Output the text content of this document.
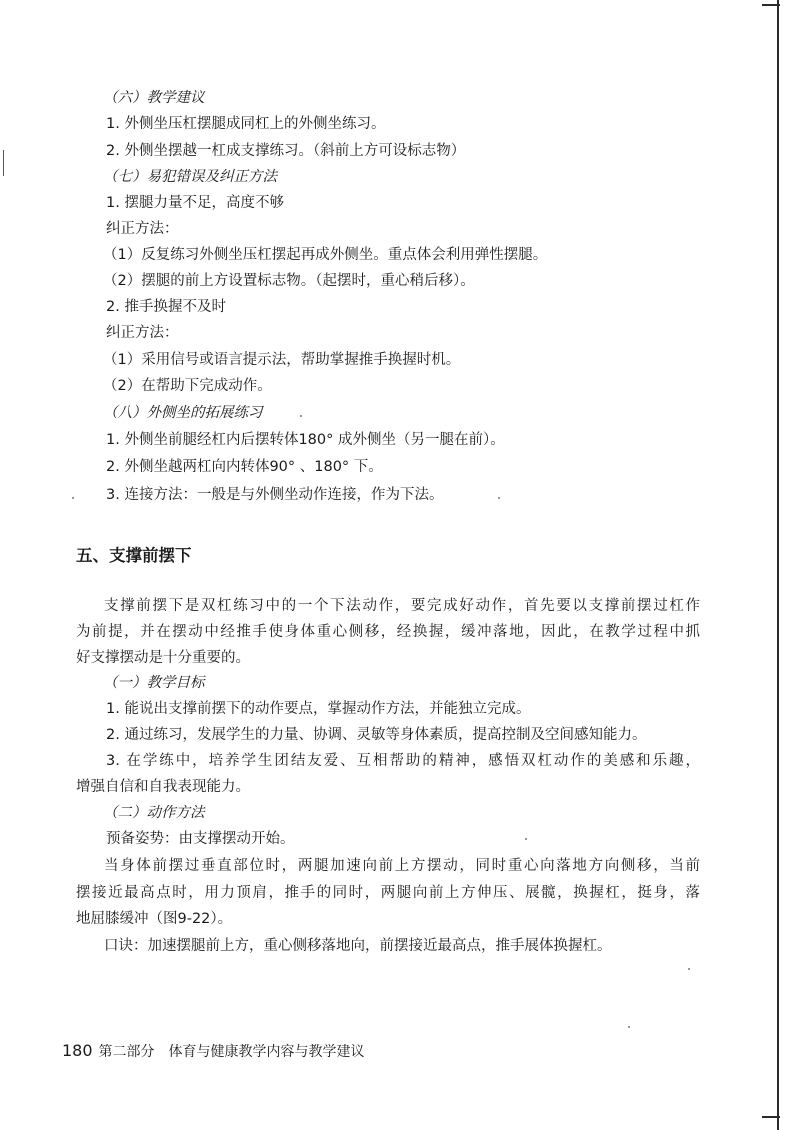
（六）教学建议
1. 外侧坐压杠摆腿成同杠上的外侧坐练习。
2. 外侧坐摆越一杠成支撑练习。（斜前上方可设标志物）
（七）易犯错误及纠正方法
1. 摆腿力量不足，高度不够
纠正方法：
（1）反复练习外侧坐压杠摆起再成外侧坐。重点体会利用弹性摆腿。
（2）摆腿的前上方设置标志物。（起摆时，重心稍后移）。
2. 推手换握不及时
纠正方法：
（1）采用信号或语言提示法，帮助掌握推手换握时机。
（2）在帮助下完成动作。
（八）外侧坐的拓展练习
1. 外侧坐前腿经杠内后摆转体180° 成外侧坐（另一腿在前）。
2. 外侧坐越两杠向内转体90° 、180° 下。
3. 连接方法：一般是与外侧坐动作连接，作为下法。
五、支撑前摆下
支撑前摆下是双杠练习中的一个下法动作，要完成好动作，首先要以支撑前摆过杠作
为前提，并在摆动中经推手使身体重心侧移，经换握，缓冲落地，因此，在教学过程中抓
好支撑摆动是十分重要的。
（一）教学目标
1. 能说出支撑前摆下的动作要点，掌握动作方法，并能独立完成。
2. 通过练习，发展学生的力量、协调、灵敏等身体素质，提高控制及空间感知能力。
3. 在学练中，培养学生团结友爱、互相帮助的精神，感悟双杠动作的美感和乐趣，
增强自信和自我表现能力。
（二）动作方法
预备姿势：由支撑摆动开始。
当身体前摆过垂直部位时，两腿加速向前上方摆动，同时重心向落地方向侧移，当前
摆接近最高点时，用力顶肩，推手的同时，两腿向前上方伸压、展髋，换握杠，挺身，落
地屈膝缓冲（图9-22）。
口诀：加速摆腿前上方，重心侧移落地向，前摆接近最高点，推手展体换握杠。
180 第二部分　体育与健康教学内容与教学建议
